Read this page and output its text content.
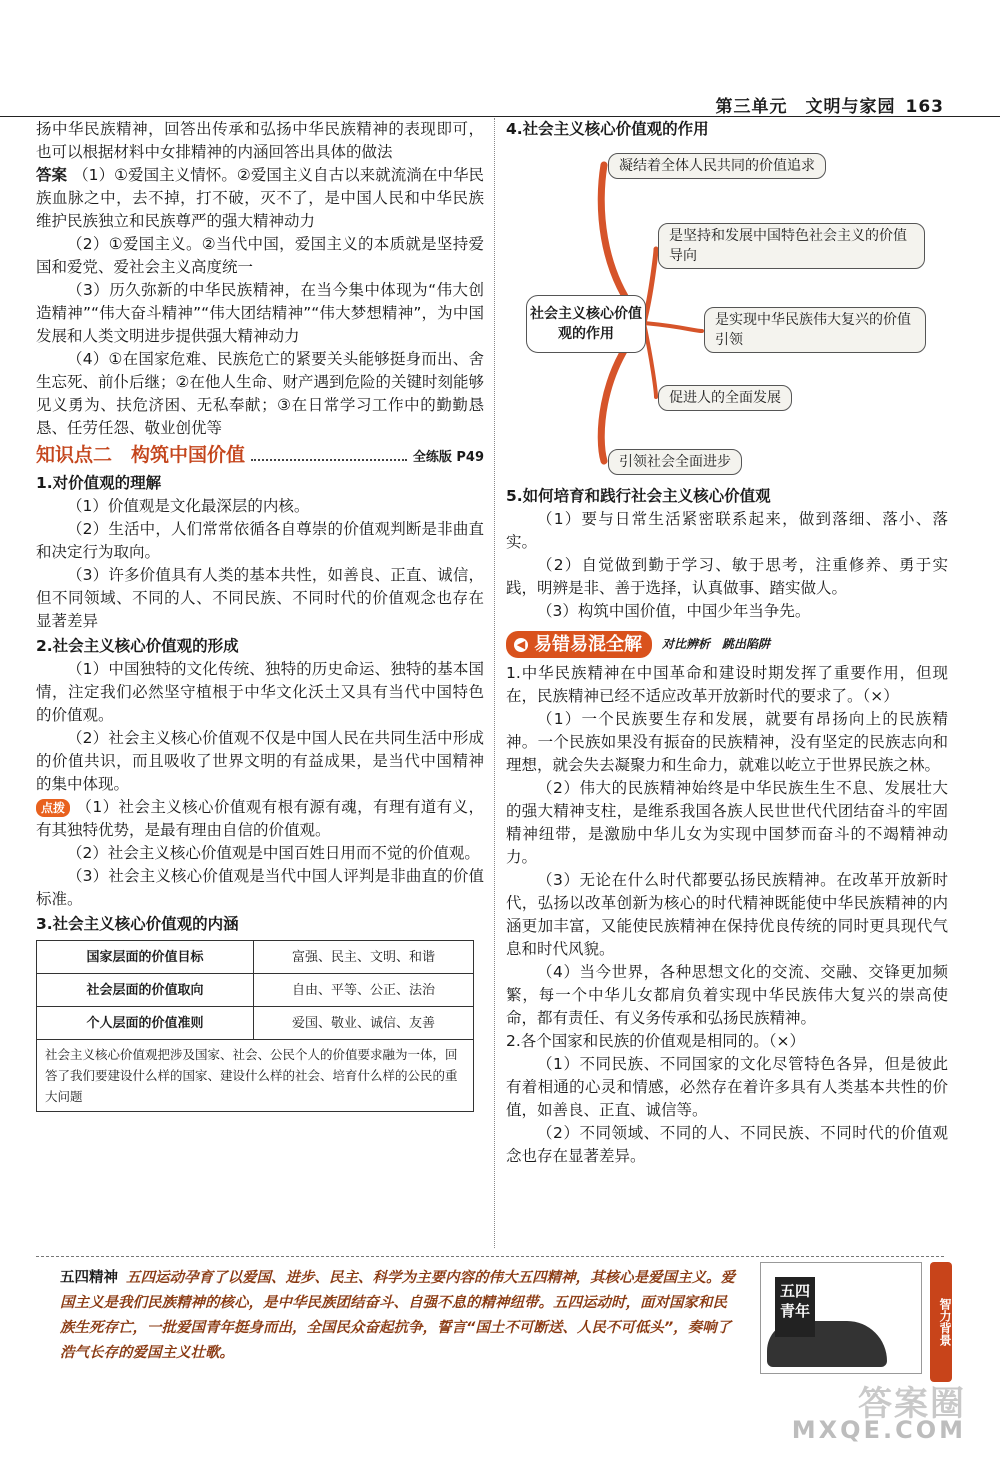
第三单元　 文明与家园 163

扬中华民族精神，回答出传承和弘扬中华民族精神的表现即可，也可以根据材料中女排精神的内涵回答出具体的做法

答案 （1）①爱国主义情怀。②爱国主义自古以来就流淌在中华民族血脉之中，去不掉，打不破，灭不了，是中国人民和中华民族维护民族独立和民族尊严的强大精神动力

（2）①爱国主义。②当代中国，爱国主义的本质就是坚持爱国和爱党、爱社会主义高度统一

（3）历久弥新的中华民族精神，在当今集中体现为“伟大创造精神”“伟大奋斗精神”“伟大团结精神”“伟大梦想精神”，为中国发展和人类文明进步提供强大精神动力

（4）①在国家危难、民族危亡的紧要关头能够挺身而出、舍生忘死、前仆后继；②在他人生命、财产遇到危险的关键时刻能够见义勇为、扶危济困、无私奉献；③在日常学习工作中的勤勤恳恳、任劳任怨、敬业创优等

知识点二　构筑中国价值	全练版 P49

1.对价值观的理解

（1）价值观是文化最深层的内核。

（2）生活中，人们常常依循各自尊崇的价值观判断是非曲直和决定行为取向。

（3）许多价值具有人类的基本共性，如善良、正直、诚信，但不同领域、不同的人、不同民族、不同时代的价值观念也存在显著差异

2.社会主义核心价值观的形成

（1）中国独特的文化传统、独特的历史命运、独特的基本国情，注定我们必然坚守植根于中华文化沃土又具有当代中国特色的价值观。

（2）社会主义核心价值观不仅是中国人民在共同生活中形成的价值共识，而且吸收了世界文明的有益成果，是当代中国精神的集中体现。

点拨 （1）社会主义核心价值观有根有源有魂，有理有道有义，有其独特优势，是最有理由自信的价值观。

（2）社会主义核心价值观是中国百姓日用而不觉的价值观。

（3）社会主义核心价值观是当代中国人评判是非曲直的价值标准。

3.社会主义核心价值观的内涵

国家层面的价值目标	富强、民主、文明、和谐
社会层面的价值取向	自由、平等、公正、法治
个人层面的价值准则	爱国、敬业、诚信、友善
社会主义核心价值观把涉及国家、社会、公民个人的价值要求融为一体，回答了我们要建设什么样的国家、建设什么样的社会、培育什么样的公民的重大问题	

4.社会主义核心价值观的作用

社会主义核心价值观的作用
凝结着全体人民共同的价值追求
是坚持和发展中国特色社会主义的价值导向
是实现中华民族伟大复兴的价值引领
促进人的全面发展
引领社会全面进步

5.如何培育和践行社会主义核心价值观

（1）要与日常生活紧密联系起来，做到落细、落小、落实。

（2）自觉做到勤于学习、敏于思考，注重修养、勇于实践，明辨是非、善于选择，认真做事、踏实做人。

（3）构筑中国价值，中国少年当争先。

◀ 易错易混全解 对比辨析　跳出陷阱

1.中华民族精神在中国革命和建设时期发挥了重要作用，但现在，民族精神已经不适应改革开放新时代的要求了。（×）

（1）一个民族要生存和发展，就要有昂扬向上的民族精神。一个民族如果没有振奋的民族精神，没有坚定的民族志向和理想，就会失去凝聚力和生命力，就难以屹立于世界民族之林。

（2）伟大的民族精神始终是中华民族生生不息、发展壮大的强大精神支柱，是维系我国各族人民世世代代团结奋斗的牢固精神纽带，是激励中华儿女为实现中国梦而奋斗的不竭精神动力。

（3）无论在什么时代都要弘扬民族精神。在改革开放新时代，弘扬以改革创新为核心的时代精神既能使中华民族精神的内涵更加丰富，又能使民族精神在保持优良传统的同时更具现代气息和时代风貌。

（4）当今世界，各种思想文化的交流、交融、交锋更加频繁，每一个中华儿女都肩负着实现中华民族伟大复兴的崇高使命，都有责任、有义务传承和弘扬民族精神。

2.各个国家和民族的价值观是相同的。（×）

（1）不同民族、不同国家的文化尽管特色各异，但是彼此有着相通的心灵和情感，必然存在着许多具有人类基本共性的价值，如善良、正直、诚信等。

（2）不同领域、不同的人、不同民族、不同时代的价值观念也存在显著差异。

五四精神 五四运动孕育了以爱国、进步、民主、科学为主要内容的伟大五四精神，其核心是爱国主义。爱国主义是我们民族精神的核心，是中华民族团结奋斗、自强不息的精神纽带。五四运动时，面对国家和民族生死存亡，一批爱国青年挺身而出，全国民众奋起抗争，誓言“国土不可断送、人民不可低头”，奏响了浩气长存的爱国主义壮歌。
五四青年	智力背景
答案圈
MXQE.COM
